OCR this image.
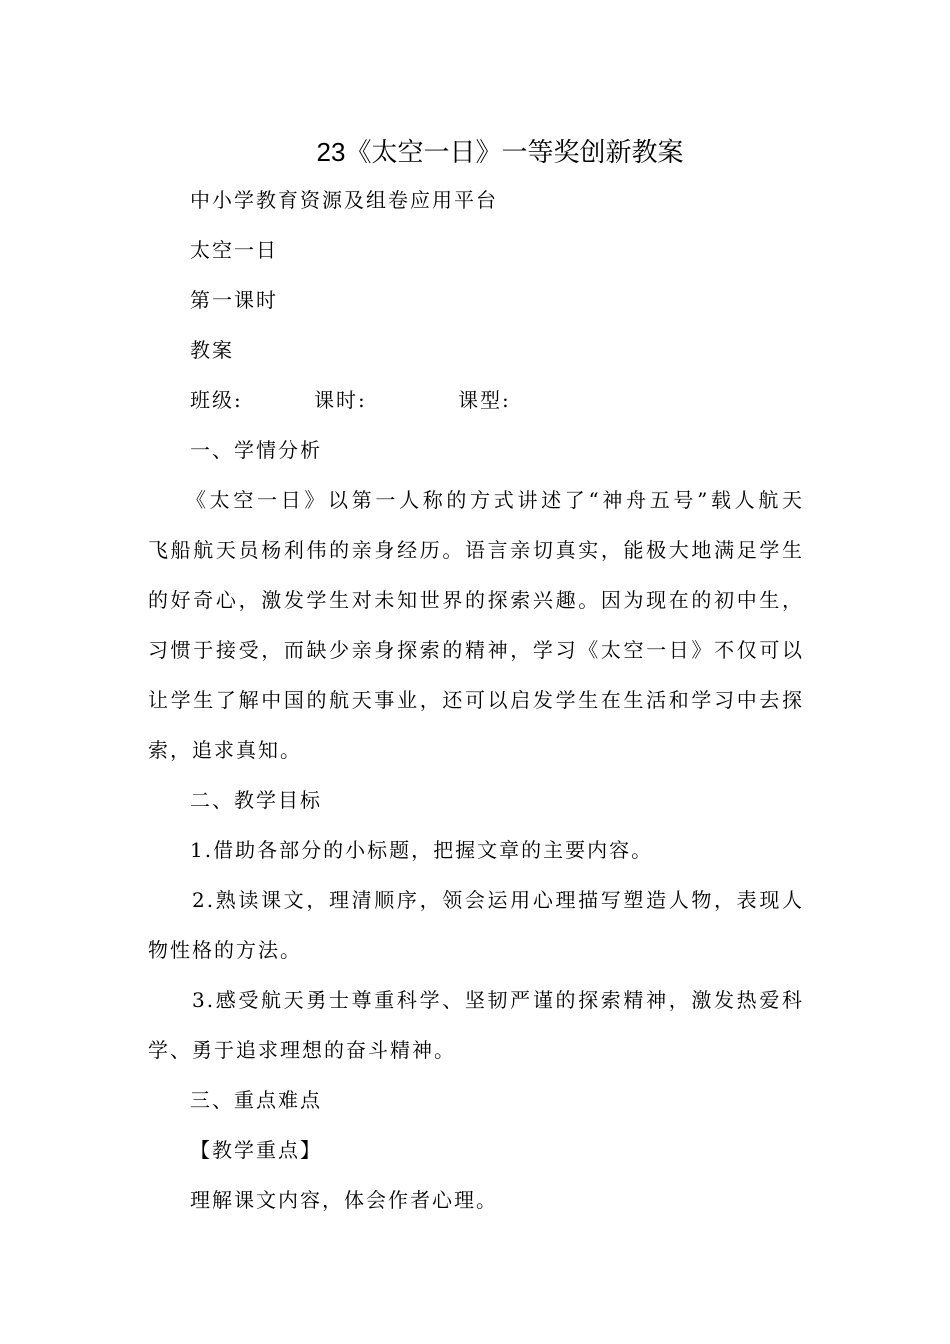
23《太空一日》一等奖创新教案
中小学教育资源及组卷应用平台
太空一日
第一课时
教案
班级:	课时:	课型:
一、学情分析
《太空一日》以第一人称的方式讲述了“神舟五号”载人航天
飞船航天员杨利伟的亲身经历。语言亲切真实，能极大地满足学生
的好奇心，激发学生对未知世界的探索兴趣。因为现在的初中生，
习惯于接受，而缺少亲身探索的精神，学习《太空一日》不仅可以
让学生了解中国的航天事业，还可以启发学生在生活和学习中去探
索，追求真知。
二、教学目标
1.借助各部分的小标题，把握文章的主要内容。
2.熟读课文，理清顺序，领会运用心理描写塑造人物，表现人
物性格的方法。
3.感受航天勇士尊重科学、坚韧严谨的探索精神，激发热爱科
学、勇于追求理想的奋斗精神。
三、重点难点
【教学重点】
理解课文内容，体会作者心理。
